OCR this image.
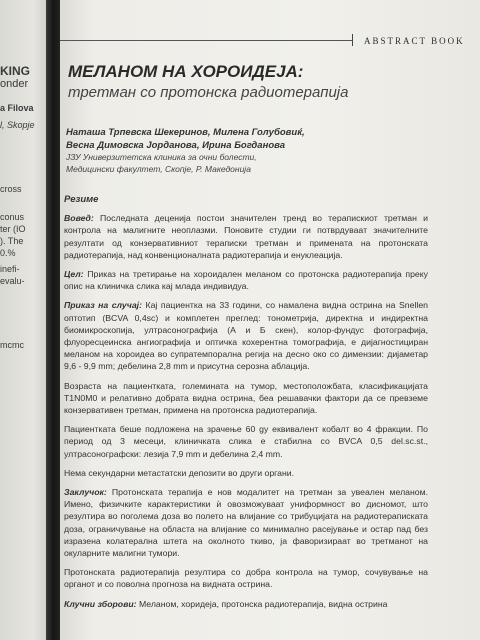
KING
onder
a Filova
l, Skopje
cross
conus
ter (IO
). The
0.%
inefi-
evalu-
mcmc
ABSTRACT BOOK
МЕЛАНОМ НА ХОРОИДЕЈА:
третман со протонска радиотерапија
Наташа Трпевска Шекеринов, Милена Голубовиќ,
Весна Димовска Јорданова, Ирина Богданова
ЈЗУ Универзитетска клиника за очни болести,
Медицински факултет, Скопје, Р. Македонија
Резиме

Вовед: Последната деценија постои значителен тренд во терапискиот третман и контрола на малигните неоплазми. Поновите студии ги потврдуваат значителните резултати од конзервативниот тераписки третман и примената на протонската радиотерапија, над конвенционалната радиотерапија и енуклеација.

Цел: Приказ на третирање на хороидален меланом со протонска радиотерапија преку опис на клиничка слика кај млада индивидуа.

Приказ на случај: Кај пациентка на 33 години, со намалена видна острина на Snellen оптотип (BCVA 0,4sc) и комплетен преглед: тонометрија, директна и индиректна биомикроскопија, ултрасонографија (А и Б скен), колор-фундус фотографија, флуоресцеинска ангиографија и оптичка кохерентна томографија, е дијагностициран меланом на хороидеа во супратемпорална регија на десно око со димензии: дијаметар 9,6 - 9,9 mm; дебелина 2,8 mm и присутна серозна аблација.

Возраста на пациентката, големината на тумор, местоположбата, класификацијата T1N0M0 и релативно добрата видна острина, беа решавачки фактори да се превземе конзервативен третман, примена на протонска радиотерапија.

Пациентката беше подложена на зрачење 60 gy еквивалент кобалт во 4 фракции. По период од 3 месеци, клиничката слика е стабилна со BVCA 0,5 del.sc.st., ултрасонографски: лезија 7,9 mm и дебелина 2,4 mm.

Нема секундарни метастатски депозити во други органи.

Заклучок: Протонската терапија е нов модалитет на третман за увеален меланом. Имено, физичките карактеристики ѝ овозможуваат униформност во дисномот, што резултира во поголема доза во полето на влијание со трибуцијата на радиотераписката доза, ограничување на областа на влијание со минимално расејување и остар пад без изразена колатерална штета на околното ткиво, ја фаворизираат во третманот на окуларните малигни тумори.

Протонската радиотерапија резултира со добра контрола на тумор, сочувување на органот и со поволна прогноза на видната острина.

Клучни зборови: Меланом, хоридеја, протонска радиотерапија, видна острина
